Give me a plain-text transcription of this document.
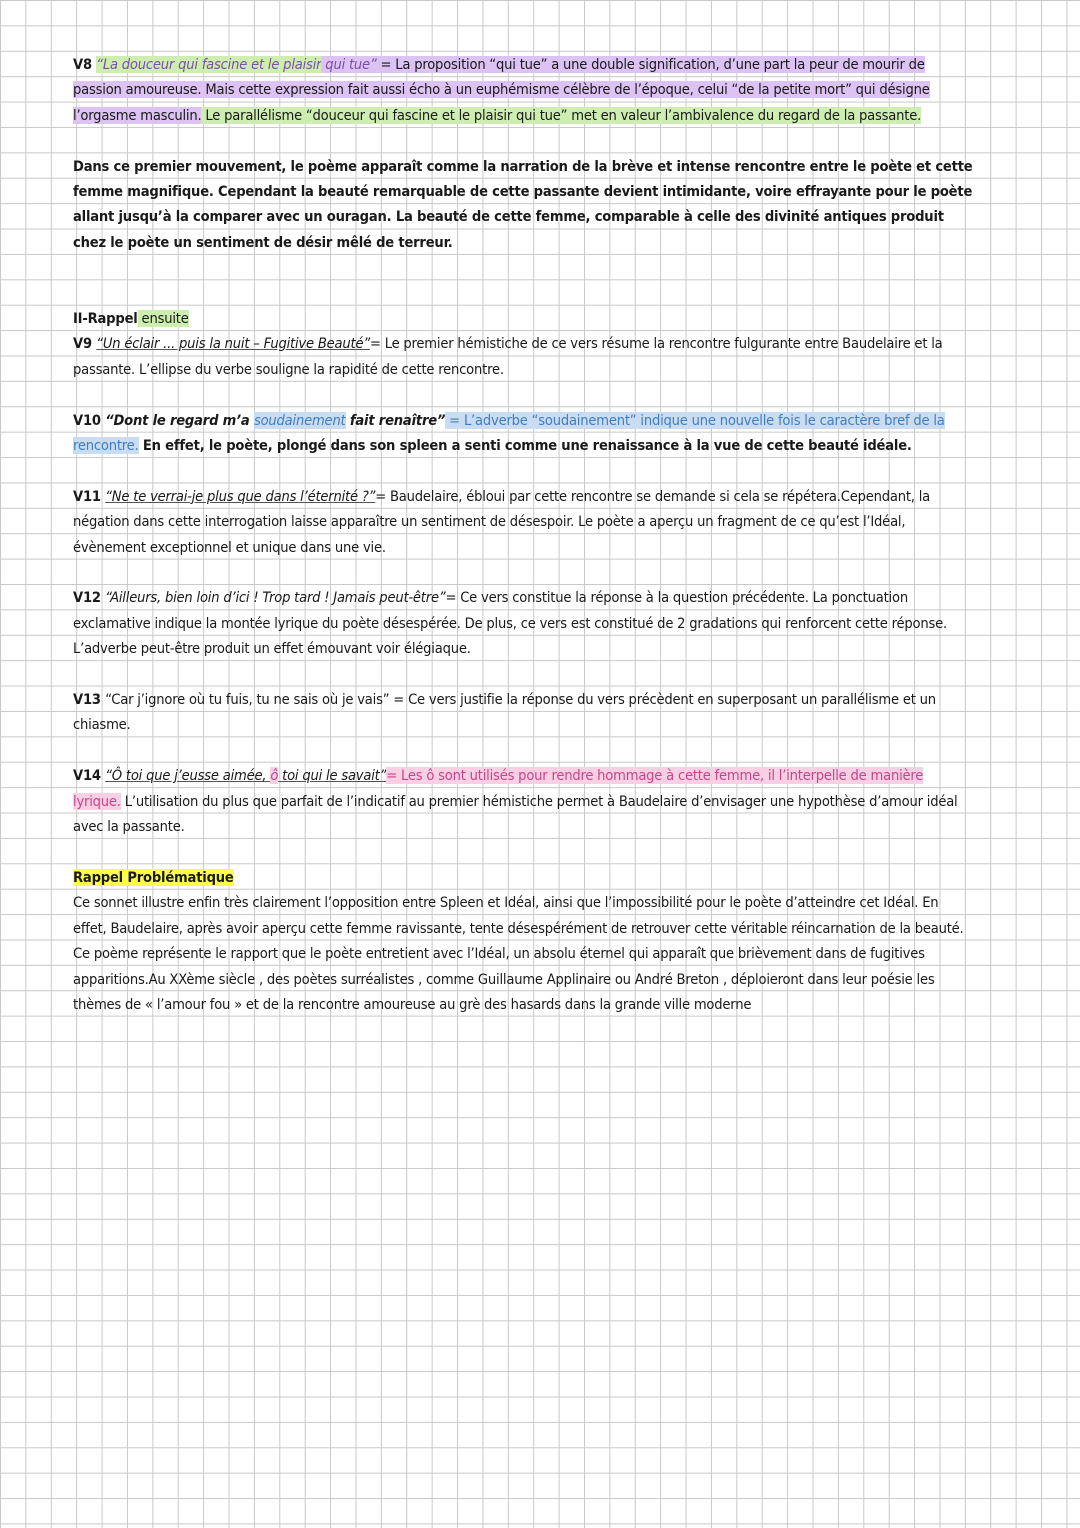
V8 “La douceur qui fascine et le plaisir qui tue” = La proposition “qui tue” a une double signification, d’une part la peur de mourir de passion amoureuse. Mais cette expression fait aussi écho à un euphémisme célèbre de l’époque, celui “de la petite mort” qui désigne l’orgasme masculin. Le parallélisme “douceur qui fascine et le plaisir qui tue” met en valeur l’ambivalence du regard de la passante.

Dans ce premier mouvement, le poème apparaît comme la narration de la brève et intense rencontre entre le poète et cette femme magnifique. Cependant la beauté remarquable de cette passante devient intimidante, voire effrayante pour le poète allant jusqu’à la comparer avec un ouragan. La beauté de cette femme, comparable à celle des divinité antiques produit chez le poète un sentiment de désir mêlé de terreur.

II-Rappel ensuite

V9 “Un éclair ... puis la nuit – Fugitive Beauté”= Le premier hémistiche de ce vers résume la rencontre fulgurante entre Baudelaire et la passante. L’ellipse du verbe souligne la rapidité de cette rencontre.

V10 “Dont le regard m’a soudainement fait renaître” = L’adverbe “soudainement” indique une nouvelle fois le caractère bref de la rencontre. En effet, le poète, plongé dans son spleen a senti comme une renaissance à la vue de cette beauté idéale.

V11 “Ne te verrai-je plus que dans l’éternité ?”= Baudelaire, ébloui par cette rencontre se demande si cela se répétera.Cependant, la négation dans cette interrogation laisse apparaître un sentiment de désespoir. Le poète a aperçu un fragment de ce qu’est l’Idéal, évènement exceptionnel et unique dans une vie.

V12 “Ailleurs, bien loin d’ici ! Trop tard ! Jamais peut-être”= Ce vers constitue la réponse à la question précédente. La ponctuation exclamative indique la montée lyrique du poète désespérée. De plus, ce vers est constitué de 2 gradations qui renforcent cette réponse. L’adverbe peut-être produit un effet émouvant voir élégiaque.

V13 “Car j’ignore où tu fuis, tu ne sais où je vais” = Ce vers justifie la réponse du vers précèdent en superposant un parallélisme et un chiasme.

V14 “Ô toi que j’eusse aimée, ô toi qui le savait”= Les ô sont utilisés pour rendre hommage à cette femme, il l’interpelle de manière lyrique. L’utilisation du plus que parfait de l’indicatif au premier hémistiche permet à Baudelaire d’envisager une hypothèse d’amour idéal avec la passante.

Rappel Problématique

Ce sonnet illustre enfin très clairement l’opposition entre Spleen et Idéal, ainsi que l’impossibilité pour le poète d’atteindre cet Idéal. En effet, Baudelaire, après avoir aperçu cette femme ravissante, tente désespérément de retrouver cette véritable réincarnation de la beauté. Ce poème représente le rapport que le poète entretient avec l’Idéal, un absolu éternel qui apparaît que brièvement dans de fugitives apparitions.Au XXème siècle , des poètes surréalistes , comme Guillaume Applinaire ou André Breton , déploieront dans leur poésie les thèmes de « l’amour fou » et de la rencontre amoureuse au grè des hasards dans la grande ville moderne
